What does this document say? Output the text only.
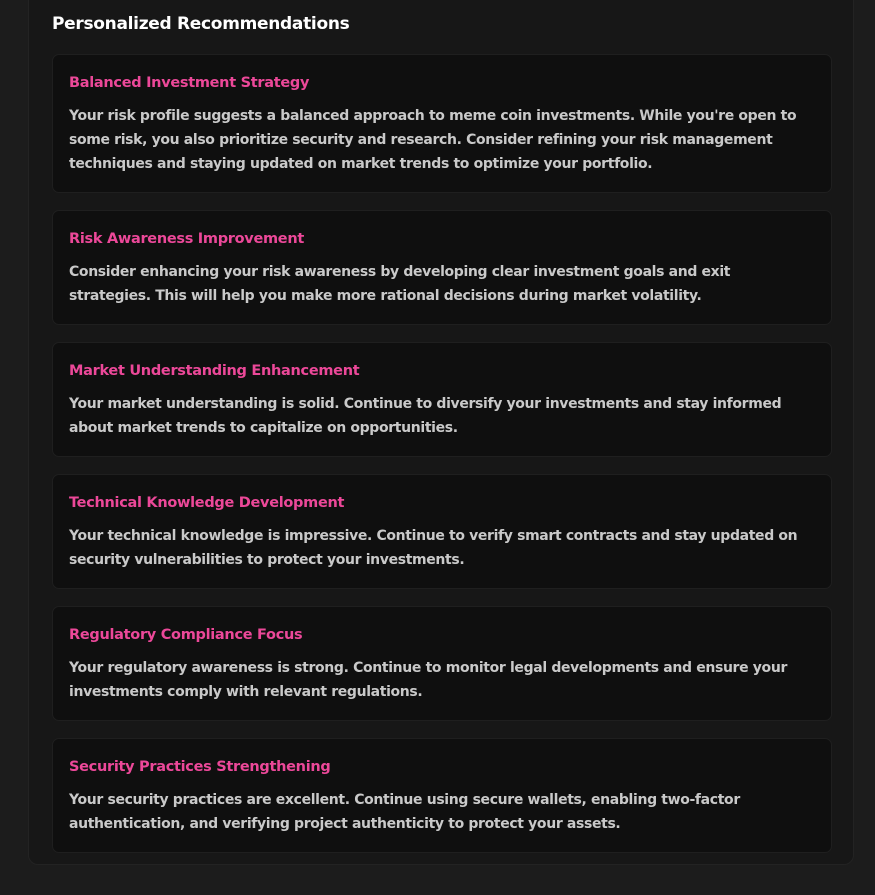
Personalized Recommendations
Balanced Investment Strategy

Your risk profile suggests a balanced approach to meme coin investments. While you're open to some risk, you also prioritize security and research. Consider refining your risk management techniques and staying updated on market trends to optimize your portfolio.

Risk Awareness Improvement

Consider enhancing your risk awareness by developing clear investment goals and exit strategies. This will help you make more rational decisions during market volatility.

Market Understanding Enhancement

Your market understanding is solid. Continue to diversify your investments and stay informed about market trends to capitalize on opportunities.

Technical Knowledge Development

Your technical knowledge is impressive. Continue to verify smart contracts and stay updated on security vulnerabilities to protect your investments.

Regulatory Compliance Focus

Your regulatory awareness is strong. Continue to monitor legal developments and ensure your investments comply with relevant regulations.

Security Practices Strengthening

Your security practices are excellent. Continue using secure wallets, enabling two-factor authentication, and verifying project authenticity to protect your assets.
